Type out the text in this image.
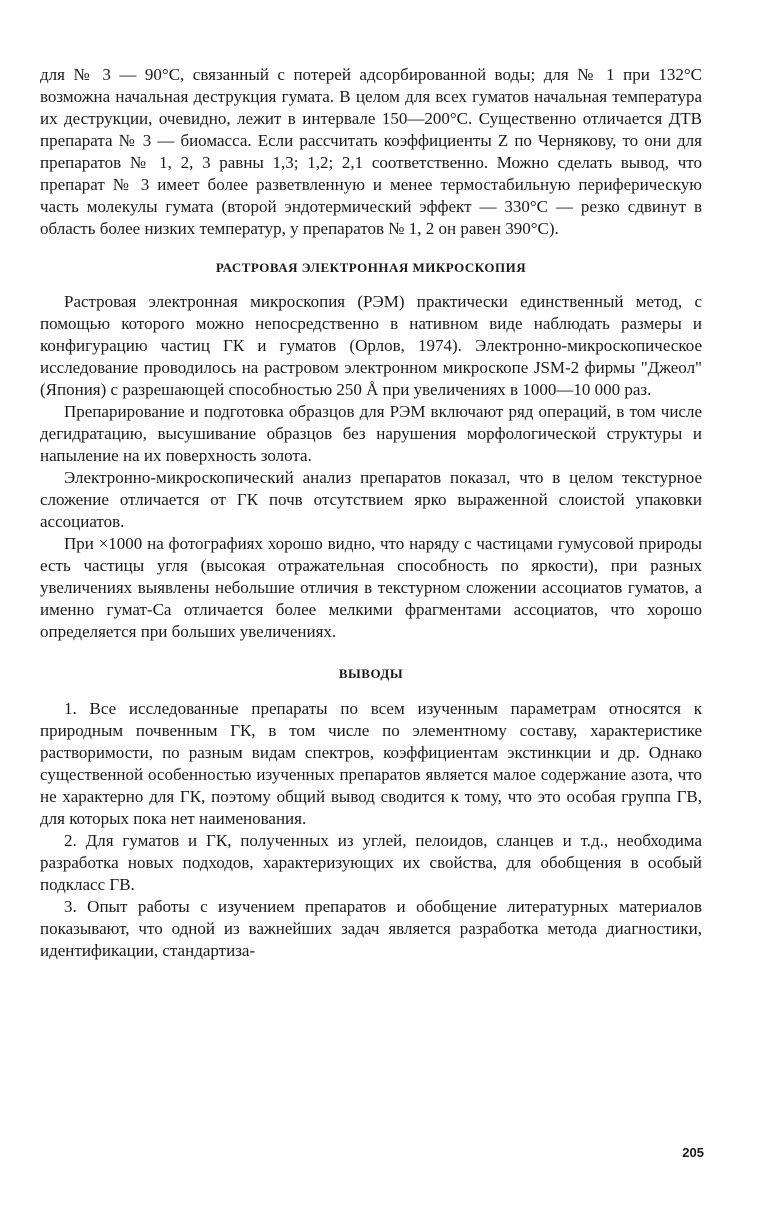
для № 3 — 90°C, связанный с потерей адсорбированной воды; для № 1 при 132°C возможна начальная деструкция гумата. В целом для всех гуматов начальная температура их деструкции, очевидно, лежит в интервале 150—200°C. Существенно отличается ДТВ препарата № 3 — биомасса. Если рассчитать коэффициенты Z по Чернякову, то они для препаратов № 1, 2, 3 равны 1,3; 1,2; 2,1 соответственно. Можно сделать вывод, что препарат № 3 имеет более разветвленную и менее термостабильную периферическую часть молекулы гумата (второй эндотермический эффект — 330°C — резко сдвинут в область более низких температур, у препаратов № 1, 2 он равен 390°C).

РАСТРОВАЯ ЭЛЕКТРОННАЯ МИКРОСКОПИЯ

Растровая электронная микроскопия (РЭМ) практически единственный метод, с помощью которого можно непосредственно в нативном виде наблюдать размеры и конфигурацию частиц ГК и гуматов (Орлов, 1974). Электронно-микроскопическое исследование проводилось на растровом электронном микроскопе JSM-2 фирмы "Джеол" (Япония) с разрешающей способностью 250 Å при увеличениях в 1000—10 000 раз.

Препарирование и подготовка образцов для РЭМ включают ряд операций, в том числе дегидратацию, высушивание образцов без нарушения морфологической структуры и напыление на их поверхность золота.

Электронно-микроскопический анализ препаратов показал, что в целом текстурное сложение отличается от ГК почв отсутствием ярко выраженной слоистой упаковки ассоциатов.

При ×1000 на фотографиях хорошо видно, что наряду с частицами гумусовой природы есть частицы угля (высокая отражательная способность по яркости), при разных увеличениях выявлены небольшие отличия в текстурном сложении ассоциатов гуматов, а именно гумат-Са отличается более мелкими фрагментами ассоциатов, что хорошо определяется при больших увеличениях.

ВЫВОДЫ

1. Все исследованные препараты по всем изученным параметрам относятся к природным почвенным ГК, в том числе по элементному составу, характеристике растворимости, по разным видам спектров, коэффициентам экстинкции и др. Однако существенной особенностью изученных препаратов является малое содержание азота, что не характерно для ГК, поэтому общий вывод сводится к тому, что это особая группа ГВ, для которых пока нет наименования.

2. Для гуматов и ГК, полученных из углей, пелоидов, сланцев и т.д., необходима разработка новых подходов, характеризующих их свойства, для обобщения в особый подкласс ГВ.

3. Опыт работы с изучением препаратов и обобщение литературных материалов показывают, что одной из важнейших задач является разработка метода диагностики, идентификации, стандартиза-

205
